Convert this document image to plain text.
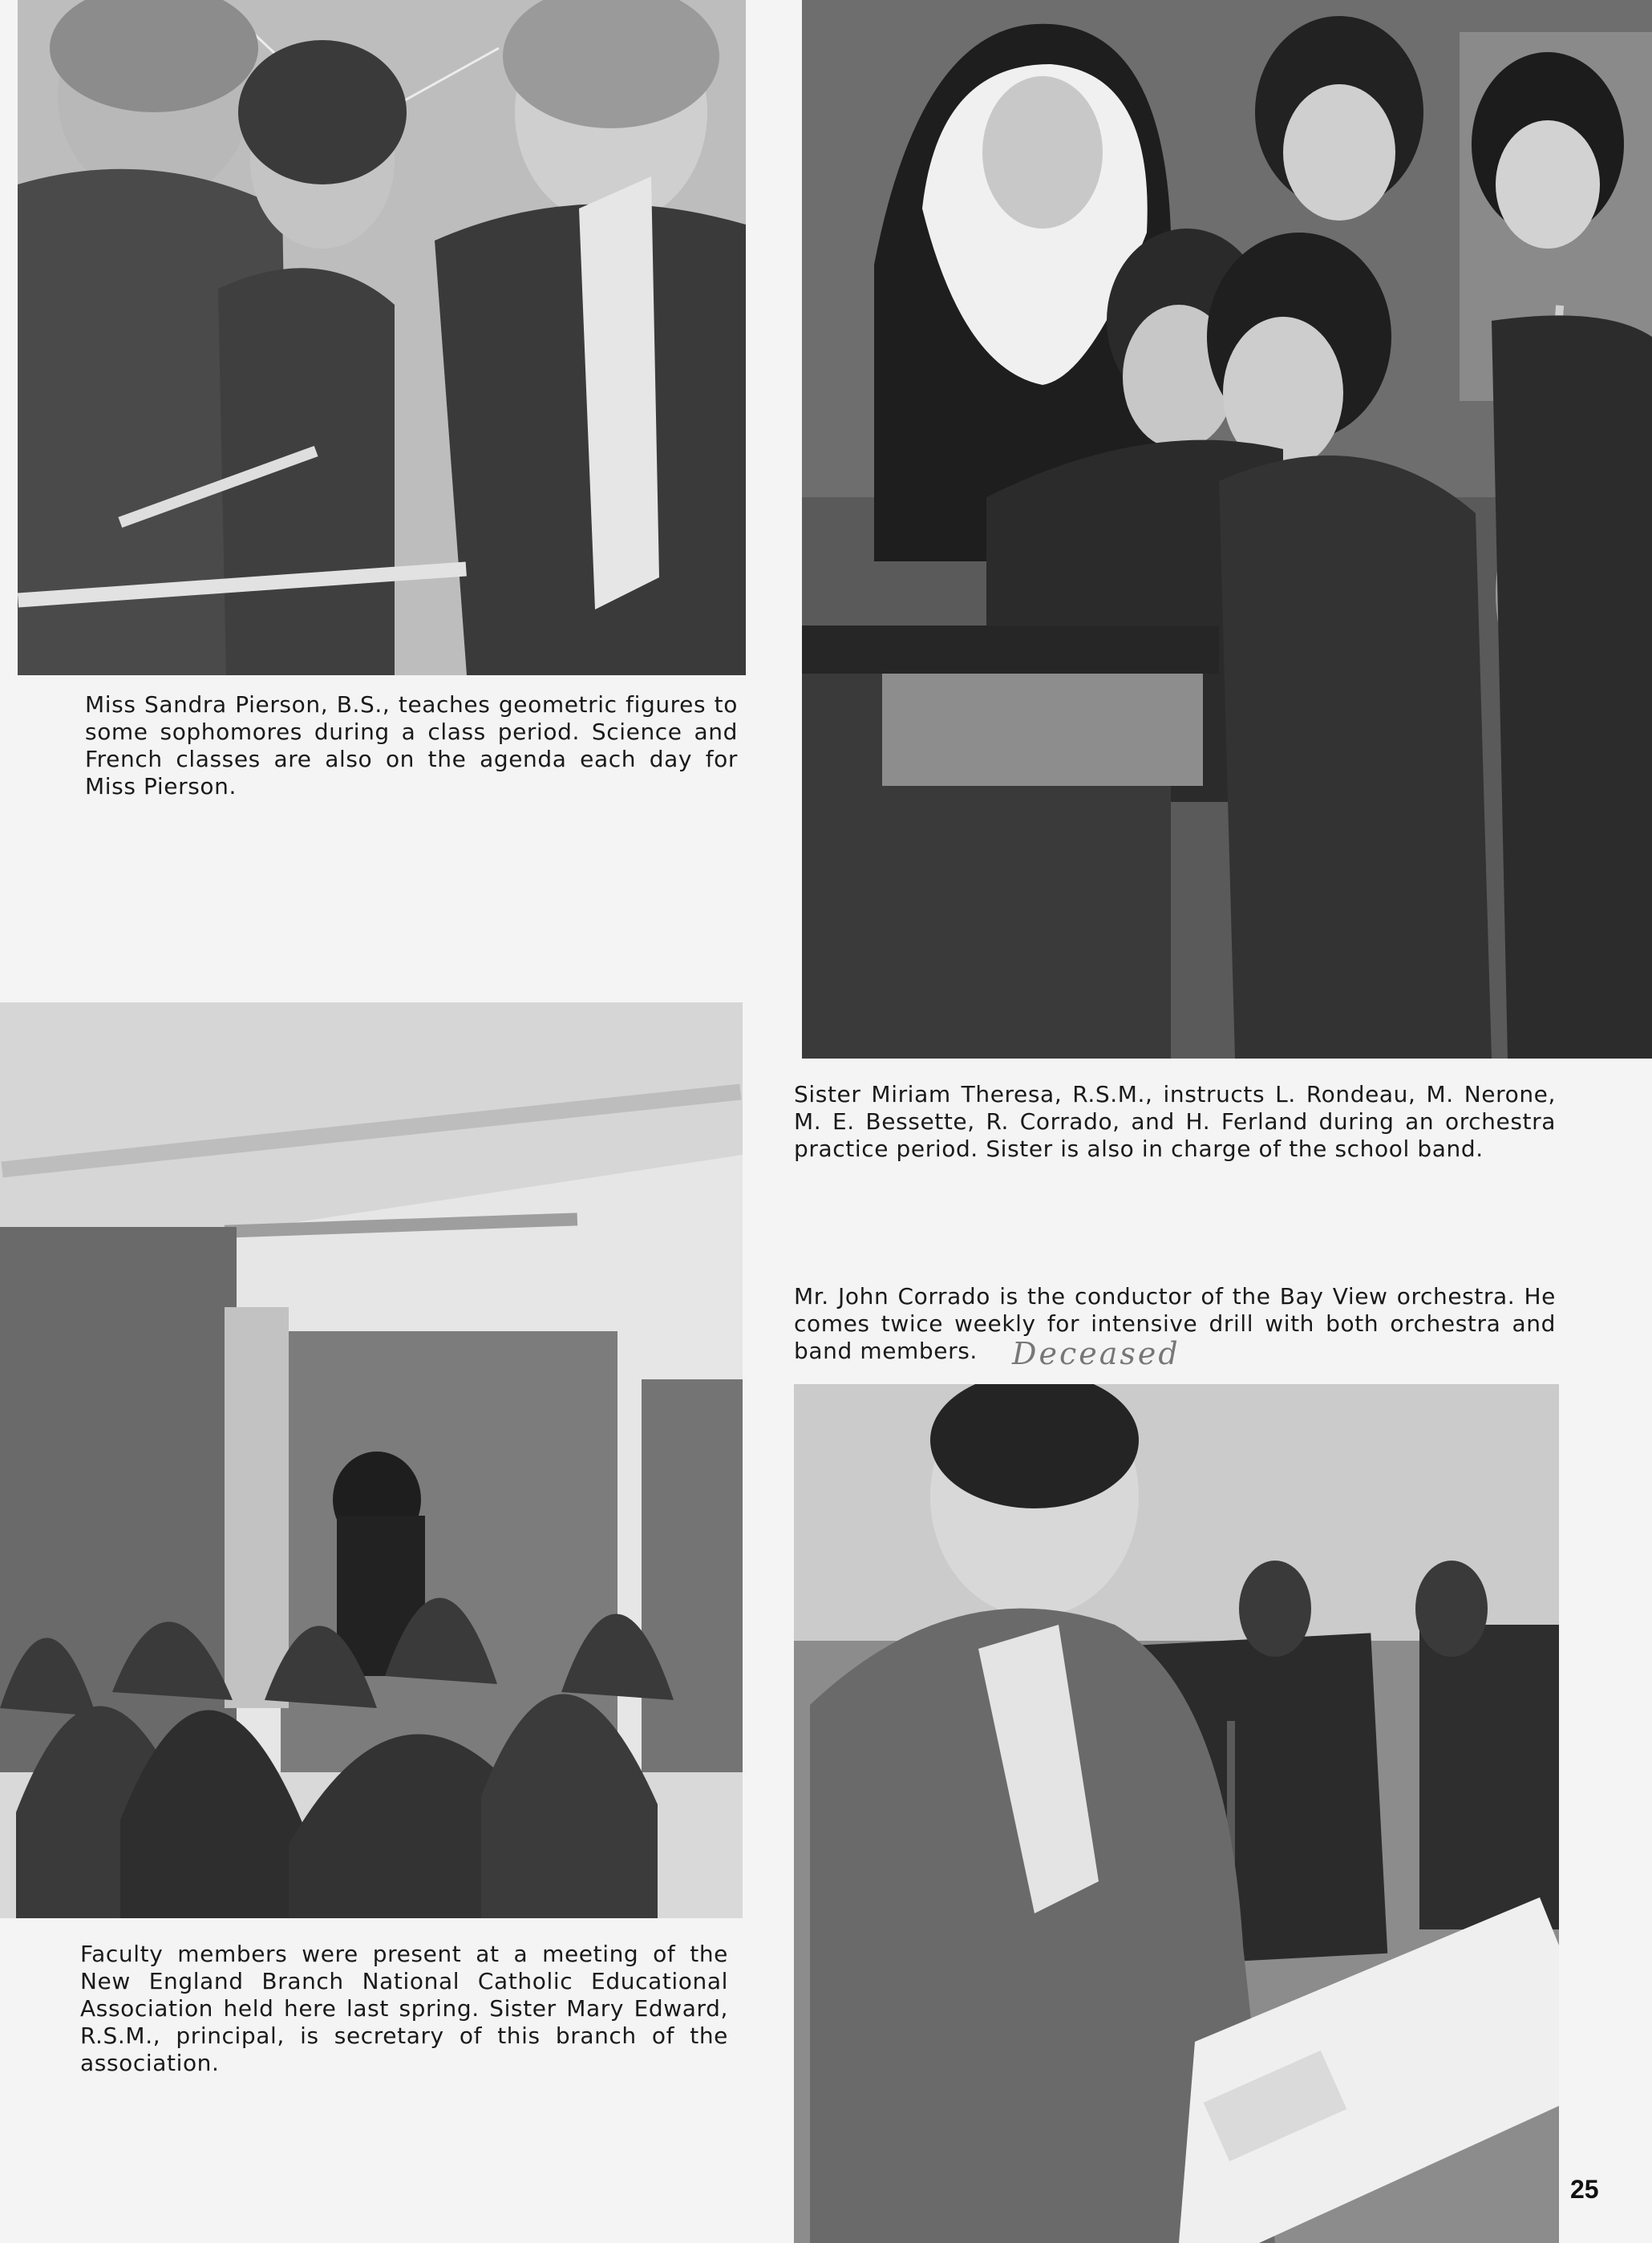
Miss Sandra Pierson, B.S., teaches geometric figures to some sophomores during a class period. Science and French classes are also on the agenda each day for Miss Pierson.

Sister Miriam Theresa, R.S.M., instructs L. Rondeau, M. Nerone, M. E. Bessette, R. Corrado, and H. Ferland during an orchestra practice period. Sister is also in charge of the school band.

Mr. John Corrado is the conductor of the Bay View orchestra. He comes twice weekly for intensive drill with both orchestra and band members.	Deceased

Faculty members were present at a meeting of the New England Branch National Catholic Educational Association held here last spring. Sister Mary Edward, R.S.M., principal, is secretary of this branch of the association.

25
